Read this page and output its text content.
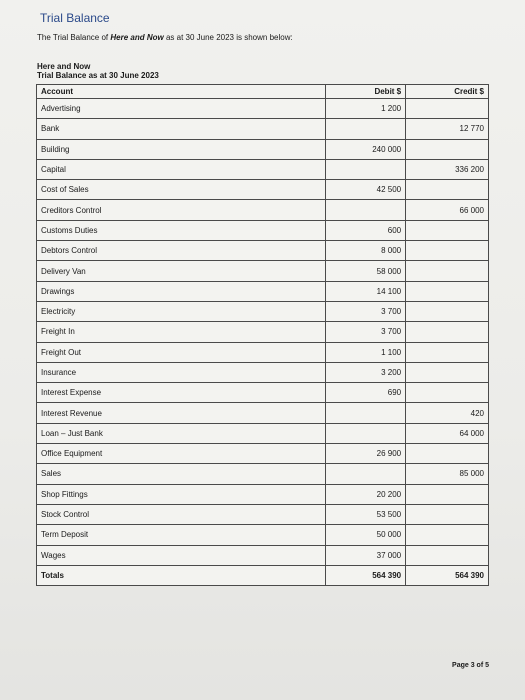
Trial Balance
The Trial Balance of Here and Now as at 30 June 2023 is shown below:
Here and Now
Trial Balance as at 30 June 2023
Account	Debit $	Credit $
Advertising	1 200	
Bank		12 770
Building	240 000	
Capital		336 200
Cost of Sales	42 500	
Creditors Control		66 000
Customs Duties	600	
Debtors Control	8 000	
Delivery Van	58 000	
Drawings	14 100	
Electricity	3 700	
Freight In	3 700	
Freight Out	1 100	
Insurance	3 200	
Interest Expense	690	
Interest Revenue		420
Loan – Just Bank		64 000
Office Equipment	26 900	
Sales		85 000
Shop Fittings	20 200	
Stock Control	53 500	
Term Deposit	50 000	
Wages	37 000	
Totals	564 390	564 390
Page 3 of 5
